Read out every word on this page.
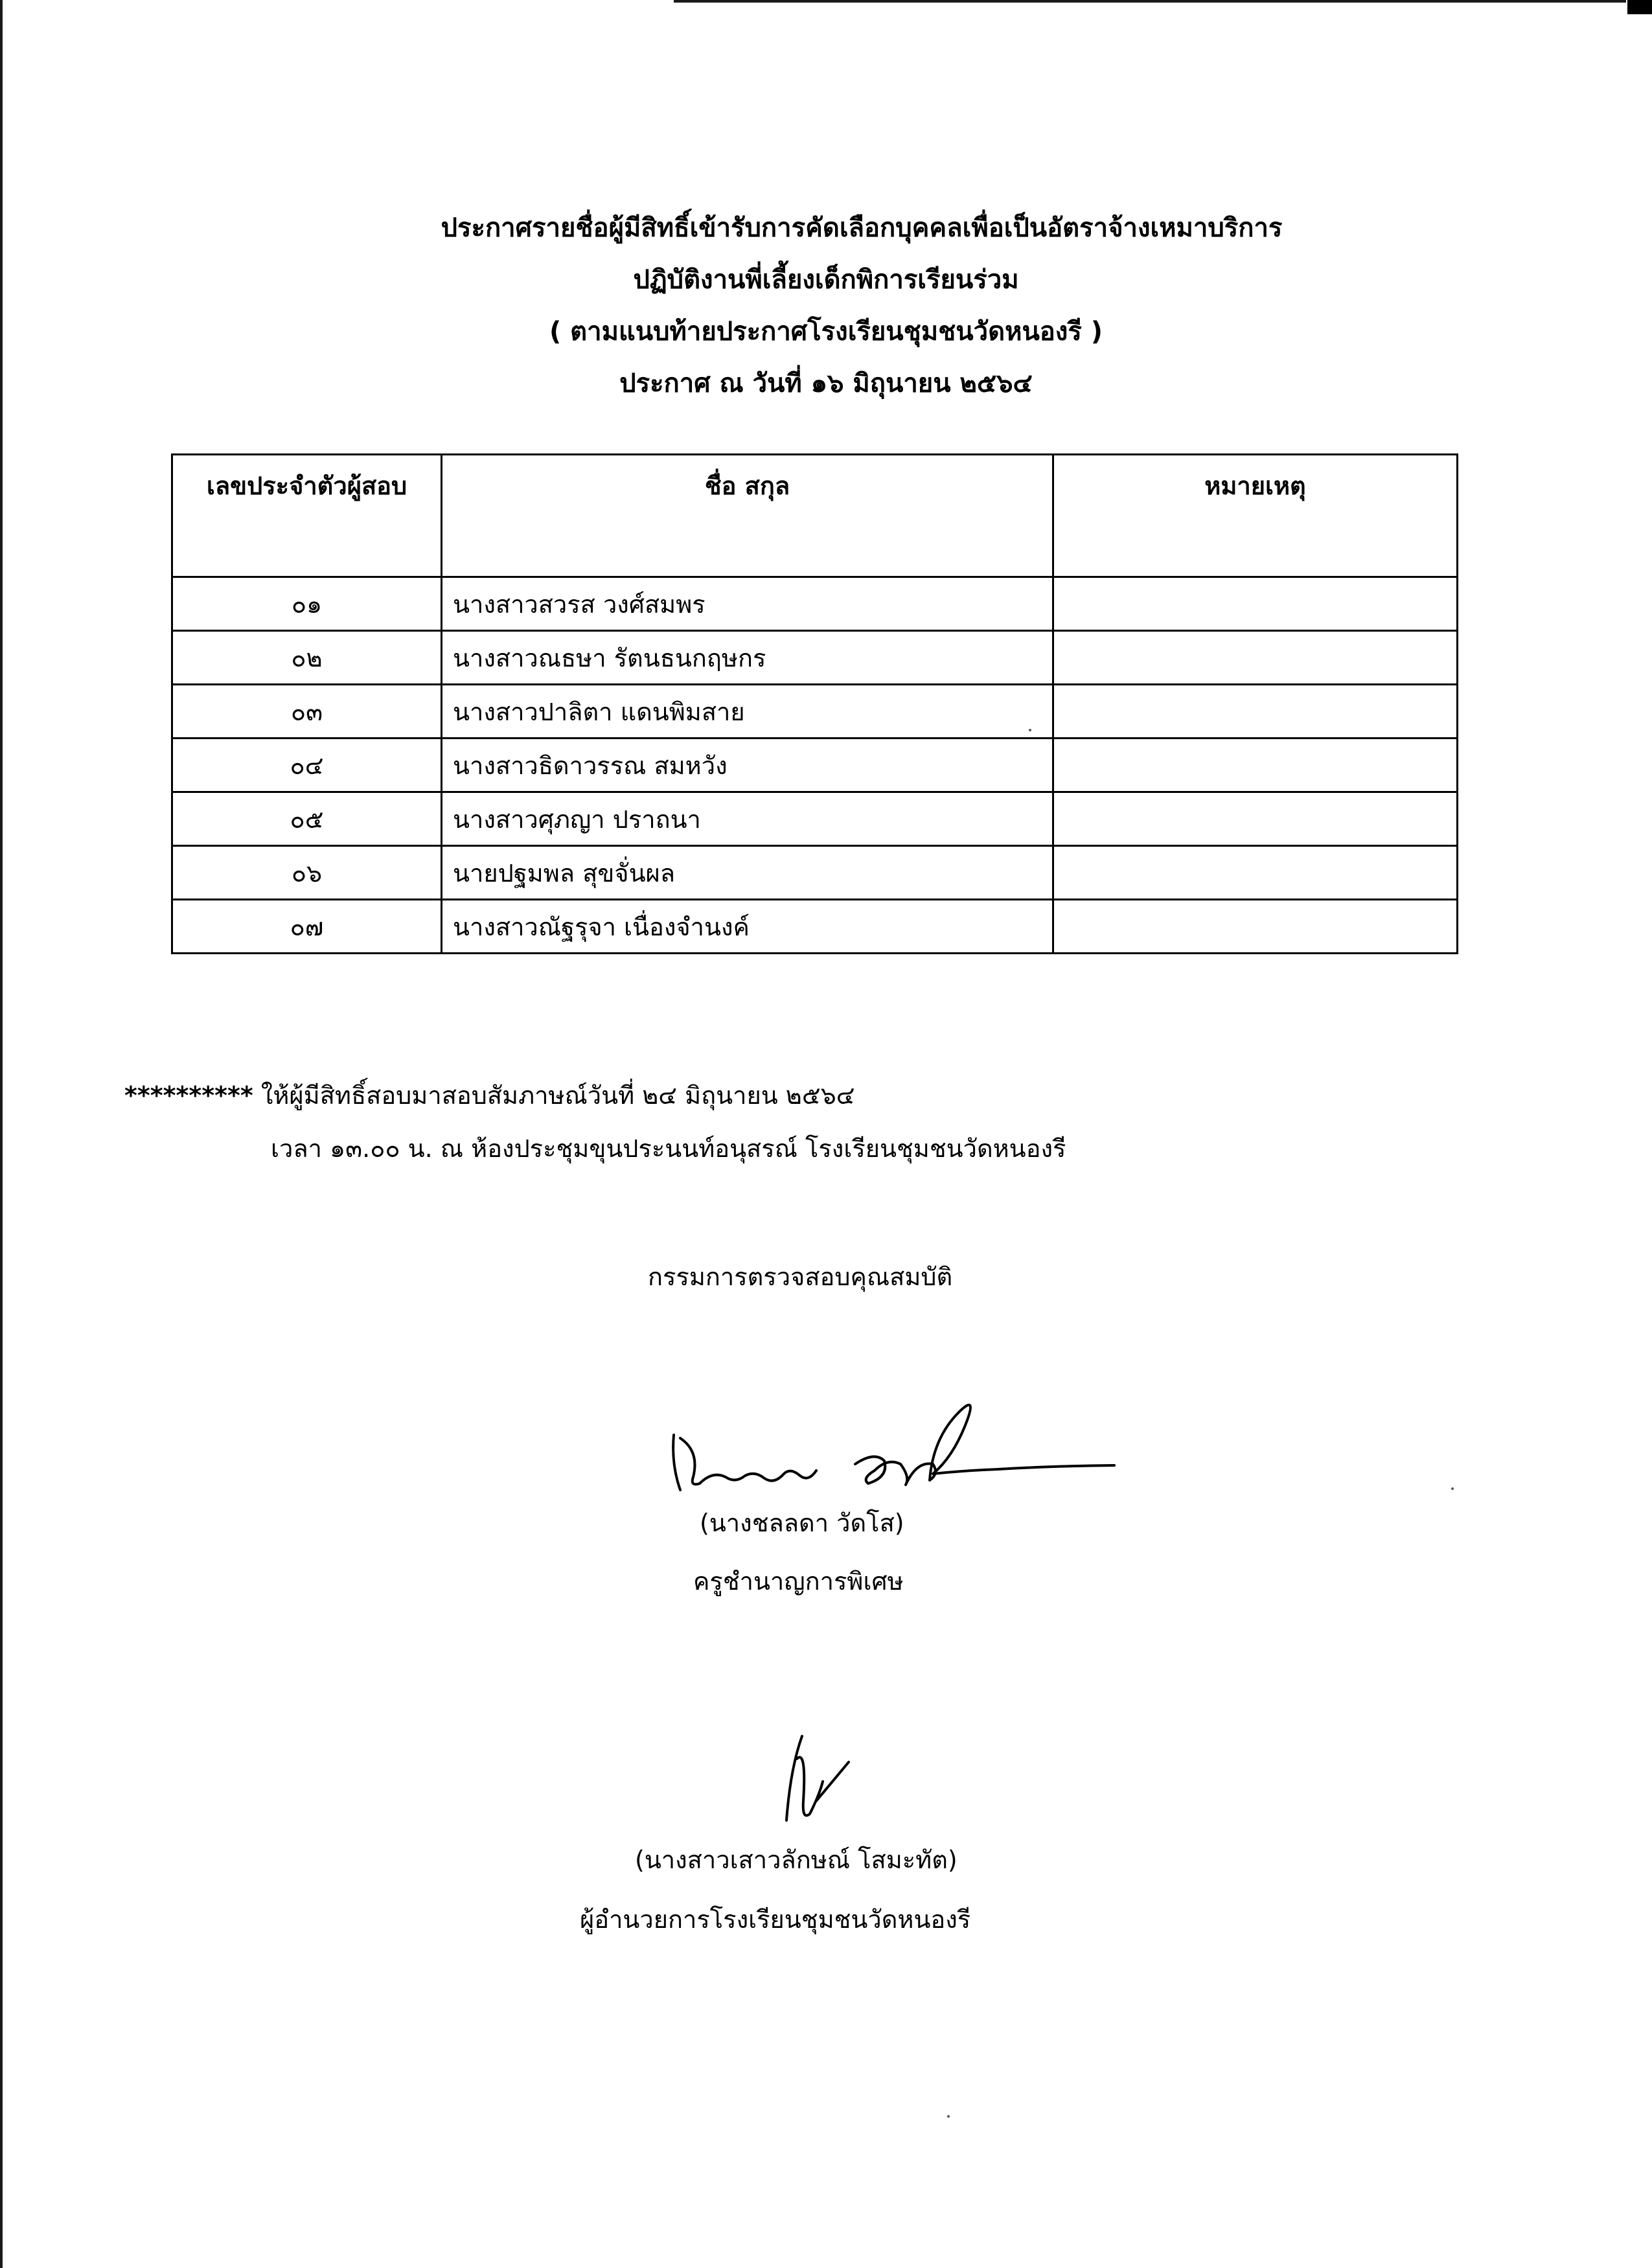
ประกาศรายชื่อผู้มีสิทธิ์เข้ารับการคัดเลือกบุคคลเพื่อเป็นอัตราจ้างเหมาบริการ
ปฏิบัติงานพี่เลี้ยงเด็กพิการเรียนร่วม
( ตามแนบท้ายประกาศโรงเรียนชุมชนวัดหนองรี )
ประกาศ ณ วันที่ ๑๖ มิถุนายน ๒๕๖๔
เลขประจำตัวผู้สอบ	ชื่อ สกุล	หมายเหตุ
๐๑	นางสาวสวรส วงศ์สมพร	
๐๒	นางสาวณธษา รัตนธนกฤษกร	
๐๓	นางสาวปาลิตา แดนพิมสาย	
๐๔	นางสาวธิดาวรรณ สมหวัง	
๐๕	นางสาวศุภญา ปราถนา	
๐๖	นายปฐมพล สุขจั่นผล	
๐๗	นางสาวณัฐรุจา เนื่องจำนงค์	
********** ให้ผู้มีสิทธิ์สอบมาสอบสัมภาษณ์วันที่ ๒๔ มิถุนายน ๒๕๖๔
เวลา ๑๓.๐๐ น. ณ ห้องประชุมขุนประนนท์อนุสรณ์ โรงเรียนชุมชนวัดหนองรี
กรรมการตรวจสอบคุณสมบัติ
(นางชลลดา วัดโส)
ครูชำนาญการพิเศษ
(นางสาวเสาวลักษณ์ โสมะทัต)
ผู้อำนวยการโรงเรียนชุมชนวัดหนองรี
